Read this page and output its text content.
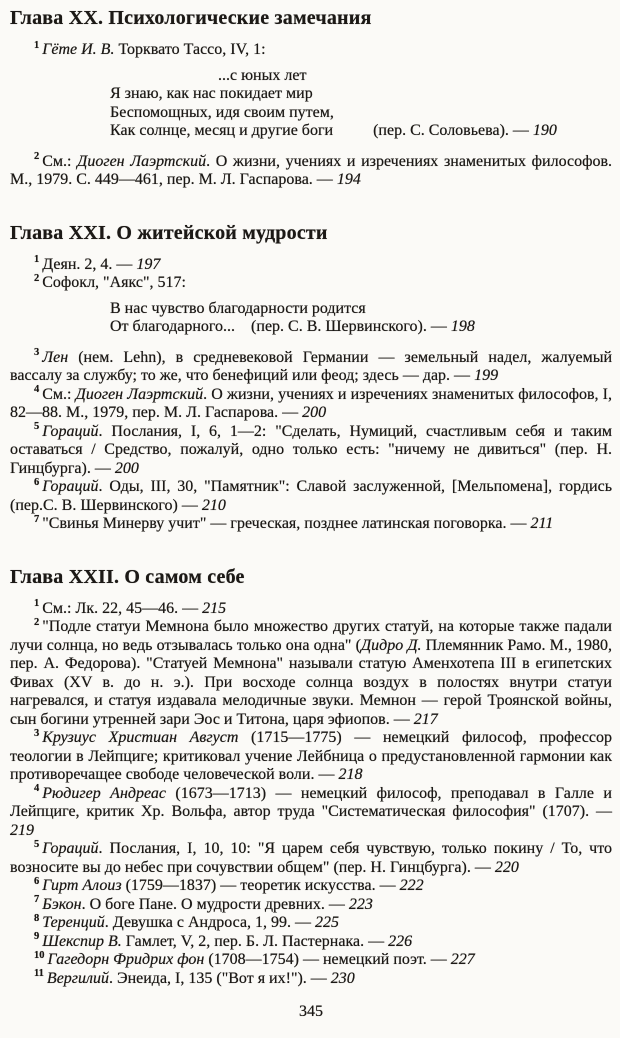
Глава XX. Психологические замечания

$^1$ Гёте И. В. Торквато Тассо, IV, 1:

...с юных лет
Я знаю, как нас покидает мир
Беспомощных, идя своим путем,
Как солнце, месяц и другие боги   (пер. С. Соловьева). — 190

$^2$ См.: Диоген Лаэртский. О жизни, учениях и изречениях знаменитых философов. М., 1979. С. 449—461, пер. М. Л. Гаспарова. — 194

Глава XXI. О житейской мудрости

$^1$ Деян. 2, 4. — 197

$^2$ Софокл, "Аякс", 517:

В нас чувство благодарности родится
От благодарного... (пер. С. В. Шервинского). — 198

$^3$ Лен (нем. Lehn), в средневековой Германии — земельный надел, жалуемый вассалу за службу; то же, что бенефиций или феод; здесь — дар. — 199

$^4$ См.: Диоген Лаэртский. О жизни, учениях и изречениях знаменитых философов, I, 82—88. М., 1979, пер. М. Л. Гаспарова. — 200

$^5$ Гораций. Послания, I, 6, 1—2: "Сделать, Нумиций, счастливым себя и таким оставаться / Средство, пожалуй, одно только есть: "ничему не дивиться" (пер. Н. Гинцбурга). — 200

$^6$ Гораций. Оды, III, 30, "Памятник": Славой заслуженной, [Мельпомена], гордись (пер.С. В. Шервинского) — 210

$^7$ "Свинья Минерву учит" — греческая, позднее латинская поговорка. — 211

Глава XXII. О самом себе

$^1$ См.: Лк. 22, 45—46. — 215

$^2$ "Подле статуи Мемнона было множество других статуй, на которые также падали лучи солнца, но ведь отзывалась только она одна" (Дидро Д. Племянник Рамо. М., 1980, пер. А. Федорова). "Статуей Мемнона" называли статую Аменхотепа III в египетских Фивах (XV в. до н. э.). При восходе солнца воздух в полостях внутри статуи нагревался, и статуя издавала мелодичные звуки. Мемнон — герой Троянской войны, сын богини утренней зари Эос и Титона, царя эфиопов. — 217

$^3$ Крузиус Христиан Август (1715—1775) — немецкий философ, профессор теологии в Лейпциге; критиковал учение Лейбница о предустановленной гармонии как противоречащее свободе человеческой воли. — 218

$^4$ Рюдигер Андреас (1673—1713) — немецкий философ, преподавал в Галле и Лейпциге, критик Хр. Вольфа, автор труда "Систематическая философия" (1707). — 219

$^5$ Гораций. Послания, I, 10, 10: "Я царем себя чувствую, только покину / То, что возносите вы до небес при сочувствии общем" (пер. Н. Гинцбурга). — 220

$^6$ Гирт Алоиз (1759—1837) — теоретик искусства. — 222

$^7$ Бэкон. О боге Пане. О мудрости древних. — 223

$^8$ Теренций. Девушка с Андроса, 1, 99. — 225

$^9$ Шекспир В. Гамлет, V, 2, пер. Б. Л. Пастернака. — 226

$^{10}$ Гагедорн Фридрих фон (1708—1754) — немецкий поэт. — 227

$^{11}$ Вергилий. Энеида, I, 135 ("Вот я их!"). — 230

345
